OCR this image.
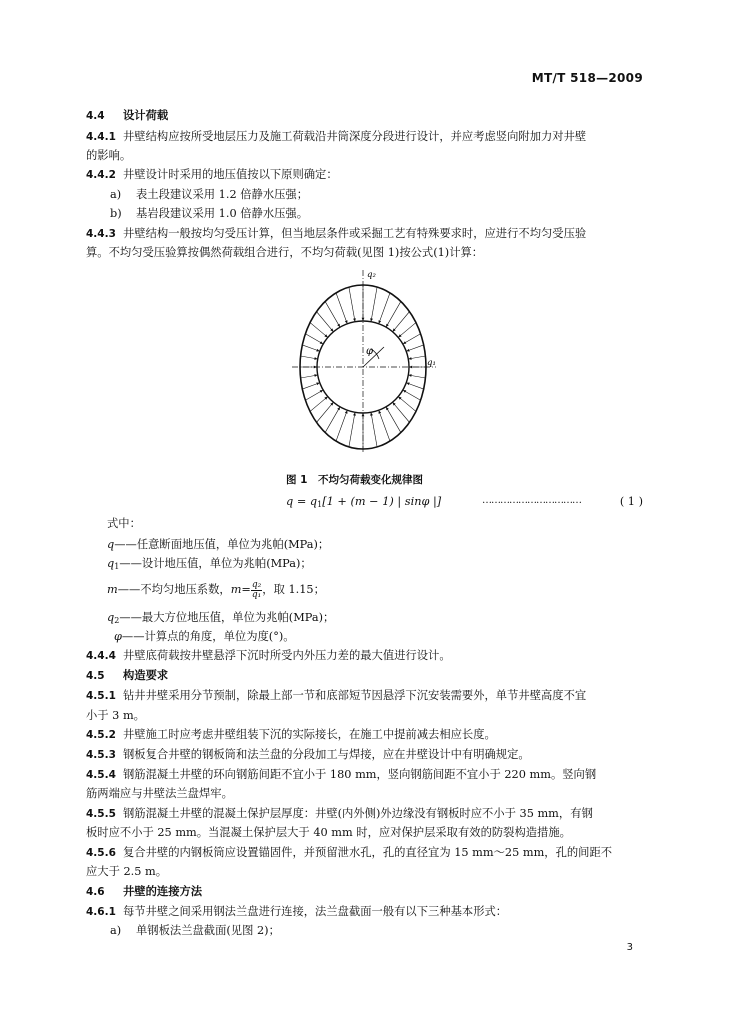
MT/T 518—2009
4.4 设计荷载
4.4.1 井壁结构应按所受地层压力及施工荷载沿井筒深度分段进行设计，并应考虑竖向附加力对井壁
的影响。
4.4.2 井壁设计时采用的地压值按以下原则确定：
a) 表土段建议采用 1.2 倍静水压强；
b) 基岩段建议采用 1.0 倍静水压强。
4.4.3 井壁结构一般按均匀受压计算，但当地层条件或采掘工艺有特殊要求时，应进行不均匀受压验
算。不均匀受压验算按偶然荷载组合进行，不均匀荷载(见图 1)按公式(1)计算：
q₂
q₁
φ
图 1　不均匀荷载变化规律图
$q = q_1[1 + (m - 1)$ | sinφ |]	……………………………	( 1 )
式中：
q——任意断面地压值，单位为兆帕(MPa)；
$q_1——$设计地压值，单位为兆帕(MPa)；
m——不均匀地压系数，$m= \frac{\text{q₂}}{\text{q₁}}$ ，取 1.15；
$q_2——$最大方位地压值，单位为兆帕(MPa)；
φ——计算点的角度，单位为度(°)。
4.4.4 井壁底荷载按井壁悬浮下沉时所受内外压力差的最大值进行设计。
4.5 构造要求
4.5.1 钻井井壁采用分节预制，除最上部一节和底部短节因悬浮下沉安装需要外，单节井壁高度不宜
小于 3 m。
4.5.2 井壁施工时应考虑井壁组装下沉的实际接长，在施工中提前减去相应长度。
4.5.3 钢板复合井壁的钢板筒和法兰盘的分段加工与焊接，应在井壁设计中有明确规定。
4.5.4 钢筋混凝土井壁的环向钢筋间距不宜小于 180 mm，竖向钢筋间距不宜小于 220 mm。竖向钢
筋两端应与井壁法兰盘焊牢。
4.5.5 钢筋混凝土井壁的混凝土保护层厚度：井壁(内外侧)外边缘没有钢板时应不小于 35 mm，有钢
板时应不小于 25 mm。当混凝土保护层大于 40 mm 时，应对保护层采取有效的防裂构造措施。
4.5.6 复合井壁的内钢板筒应设置锚固件，并预留泄水孔，孔的直径宜为 15 mm～25 mm，孔的间距不
应大于 2.5 m。
4.6 井壁的连接方法
4.6.1 每节井壁之间采用钢法兰盘进行连接，法兰盘截面一般有以下三种基本形式：
a) 单钢板法兰盘截面(见图 2)；
3
